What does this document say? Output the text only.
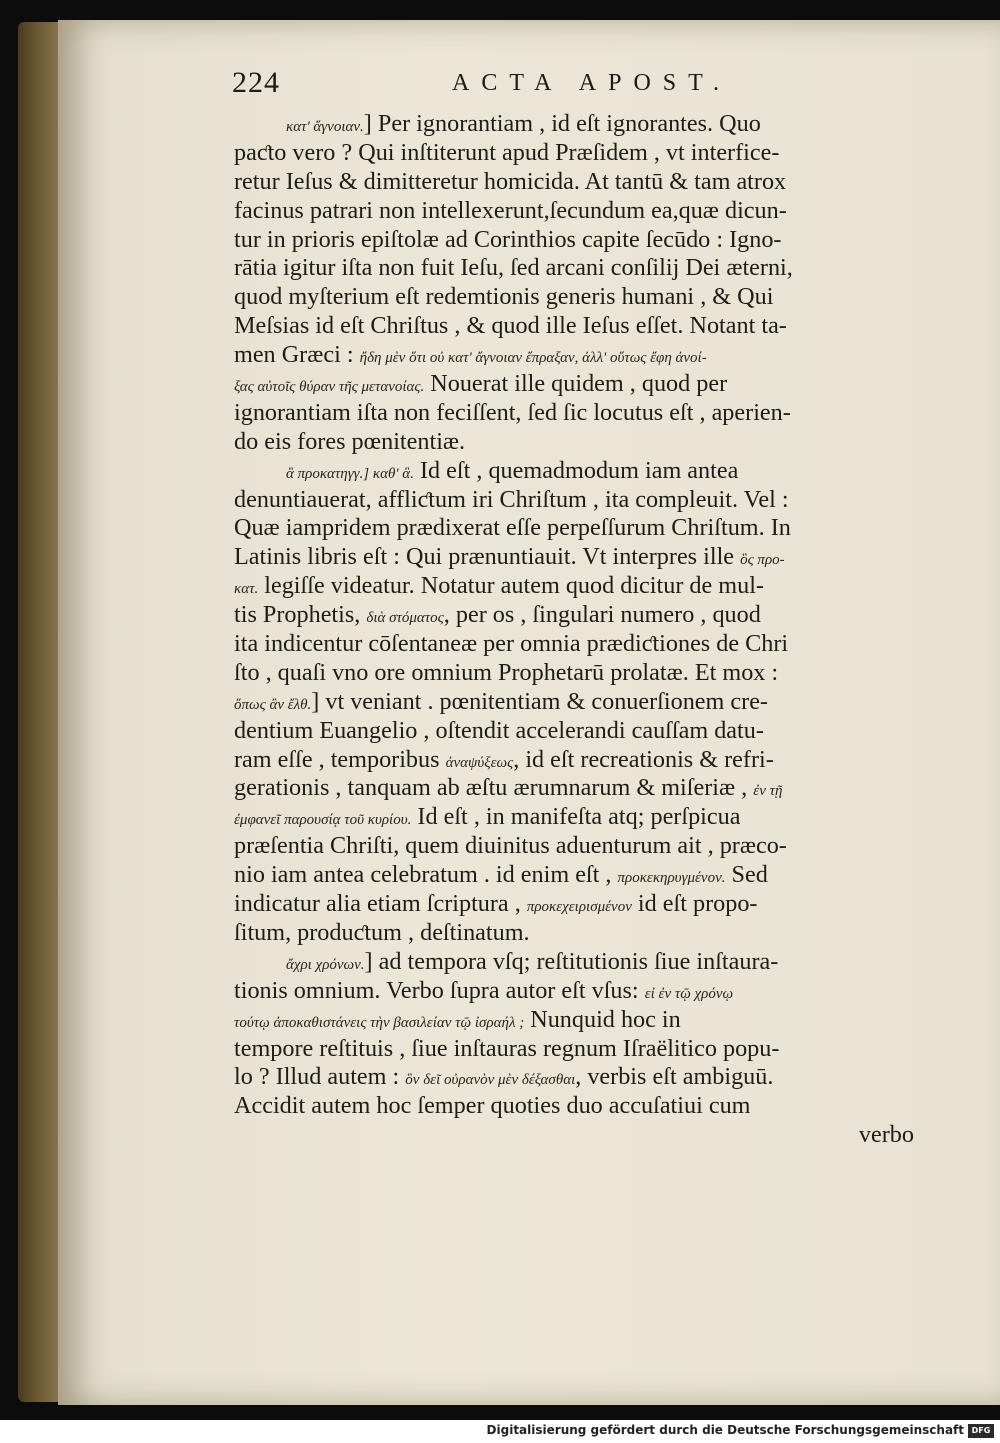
224	ACTA APOST.
κατ' ἄγνοιαν.] Per ignorantiam , id eſt ignorantes. Quo
paƈto vero ? Qui inſtiterunt apud Præſidem , vt interfice-
retur Ieſus & dimitteretur homicida. At tantū & tam atrox
facinus patrari non intellexerunt,ſecundum ea,quæ dicun-
tur in prioris epiſtolæ ad Corinthios capite ſecūdo : Igno-
rātia igitur iſta non fuit Ieſu, ſed arcani conſilij Dei æterni,
quod myſterium eſt redemtionis generis humani , & Qui
Meſsias id eſt Chriſtus , & quod ille Ieſus eſſet. Notant ta-
men Græci : ἤδη μὲν ὅτι οὐ κατ' ἄγνοιαν ἔπραξαν, ἀλλ' οὕτως ἔφη ἀνοί-
ξας αὐτοῖς θύραν τῆς μετανοίας. Nouerat ille quidem , quod per
ignorantiam iſta non feciſſent, ſed ſic locutus eſt , aperien-
do eis fores pœnitentiæ.
ἃ προκατηγγ.] καθ' ἃ. Id eſt , quemadmodum iam antea
denuntiauerat, affliƈtum iri Chriſtum , ita compleuit. Vel :
Quæ iampridem prædixerat eſſe perpeſſurum Chriſtum. In
Latinis libris eſt : Qui prænuntiauit. Vt interpres ille ὃς προ-
κατ. legiſſe videatur. Notatur autem quod dicitur de mul-
tis Prophetis, διὰ στόματος, per os , ſingulari numero , quod
ita indicentur cōſentaneæ per omnia prædiƈtiones de Chri
ſto , quaſi vno ore omnium Prophetarū prolatæ. Et mox :
ὅπως ἂν ἔλθ.] vt veniant . pœnitentiam & conuerſionem cre-
dentium Euangelio , oſtendit accelerandi cauſſam datu-
ram eſſe , temporibus ἀναψύξεως, id eſt recreationis & refri-
gerationis , tanquam ab æſtu ærumnarum & miſeriæ , ἐν τῇ
ἐμφανεῖ παρουσίᾳ τοῦ κυρίου. Id eſt , in manifeſta atq; perſpicua
præſentia Chriſti, quem diuinitus aduenturum ait , præco-
nio iam antea celebratum . id enim eſt , προκεκηρυγμένον. Sed
indicatur alia etiam ſcriptura , προκεχειρισμένον id eſt propo-
ſitum, produƈtum , deſtinatum.
ἄχρι χρόνων.] ad tempora vſq; reſtitutionis ſiue inſtaura-
tionis omnium. Verbo ſupra autor eſt vſus: εἰ ἐν τῷ χρόνῳ
τούτῳ ἀποκαθιστάνεις τὴν βασιλείαν τῷ ἰσραήλ ; Nunquid hoc in
tempore reſtituis , ſiue inſtauras regnum Iſraëlitico popu-
lo ? Illud autem : ὃν δεῖ οὐρανὸν μὲν δέξασθαι, verbis eſt ambiguū.
Accidit autem hoc ſemper quoties duo accuſatiui cum
verbo
Digitalisierung gefördert durch die Deutsche Forschungsgemeinschaft DFG
